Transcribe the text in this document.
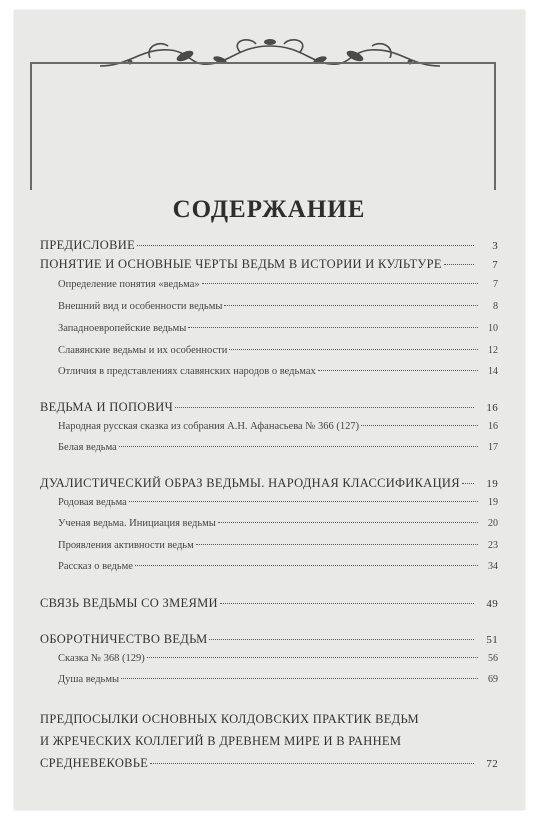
СОДЕРЖАНИЕ
ПРЕДИСЛОВИЕ	3
ПОНЯТИЕ И ОСНОВНЫЕ ЧЕРТЫ ВЕДЬМ В ИСТОРИИ И КУЛЬТУРЕ	7
Определение понятия «ведьма»	7
Внешний вид и особенности ведьмы	8
Западноевропейские ведьмы	10
Славянские ведьмы и их особенности	12
Отличия в представлениях славянских народов о ведьмах	14
ВЕДЬМА И ПОПОВИЧ	16
Народная русская сказка из собрания А.Н. Афанасьева № 366 (127)	16
Белая ведьма	17
ДУАЛИСТИЧЕСКИЙ ОБРАЗ ВЕДЬМЫ. НАРОДНАЯ КЛАССИФИКАЦИЯ	19
Родовая ведьма	19
Ученая ведьма. Инициация ведьмы	20
Проявления активности ведьм	23
Рассказ о ведьме	34
СВЯЗЬ ВЕДЬМЫ СО ЗМЕЯМИ	49
ОБОРОТНИЧЕСТВО ВЕДЬМ	51
Сказка № 368 (129)	56
Душа ведьмы	69
ПРЕДПОСЫЛКИ ОСНОВНЫХ КОЛДОВСКИХ ПРАКТИК ВЕДЬМ
И ЖРЕЧЕСКИХ КОЛЛЕГИЙ В ДРЕВНЕМ МИРЕ И В РАННЕМ
СРЕДНЕВЕКОВЬЕ	72
